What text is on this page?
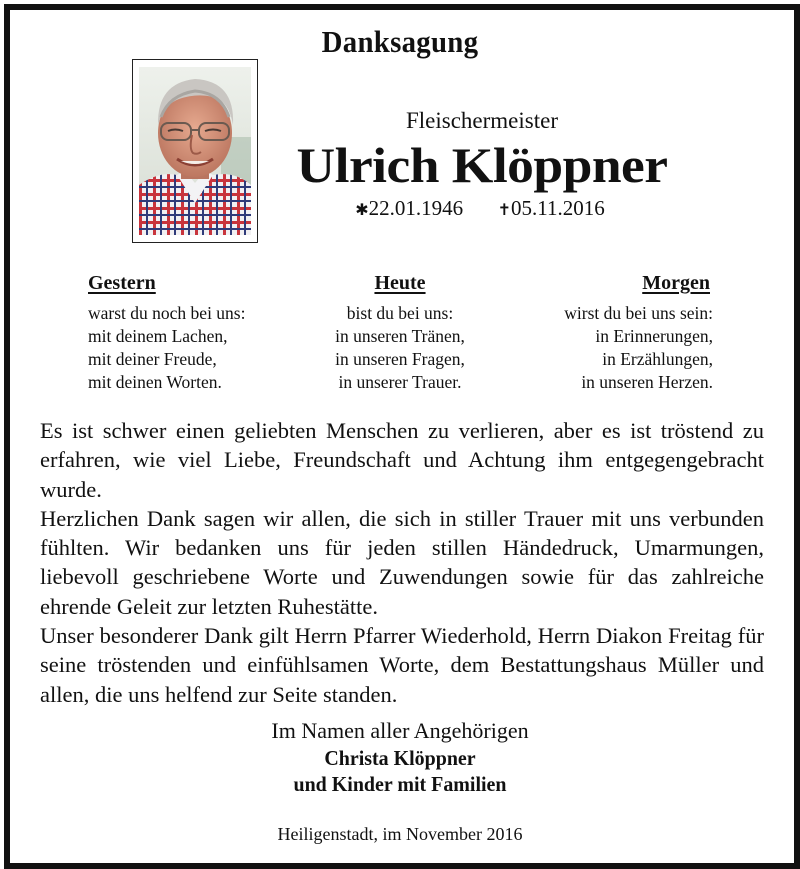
Danksagung
Fleischermeister
Ulrich Klöppner
✱22.01.1946 ✝05.11.2016
Gestern
warst du noch bei uns:
mit deinem Lachen,
mit deiner Freude,
mit deinen Worten.
Heute
bist du bei uns:
in unseren Tränen,
in unseren Fragen,
in unserer Trauer.
Morgen
wirst du bei uns sein:
in Erinnerungen,
in Erzählungen,
in unseren Herzen.

Es ist schwer einen geliebten Menschen zu verlieren, aber es ist tröstend zu erfahren, wie viel Liebe, Freundschaft und Achtung ihm entgegengebracht wurde.

Herzlichen Dank sagen wir allen, die sich in stiller Trauer mit uns verbunden fühlten. Wir bedanken uns für jeden stillen Händedruck, Umarmungen, liebevoll geschriebene Worte und Zuwendungen sowie für das zahlreiche ehrende Geleit zur letzten Ruhestätte.

Unser besonderer Dank gilt Herrn Pfarrer Wiederhold, Herrn Diakon Freitag für seine tröstenden und einfühlsamen Worte, dem Bestattungshaus Müller und allen, die uns helfend zur Seite standen.

Im Namen aller Angehörigen
Christa Klöppner
und Kinder mit Familien
Heiligenstadt, im November 2016
